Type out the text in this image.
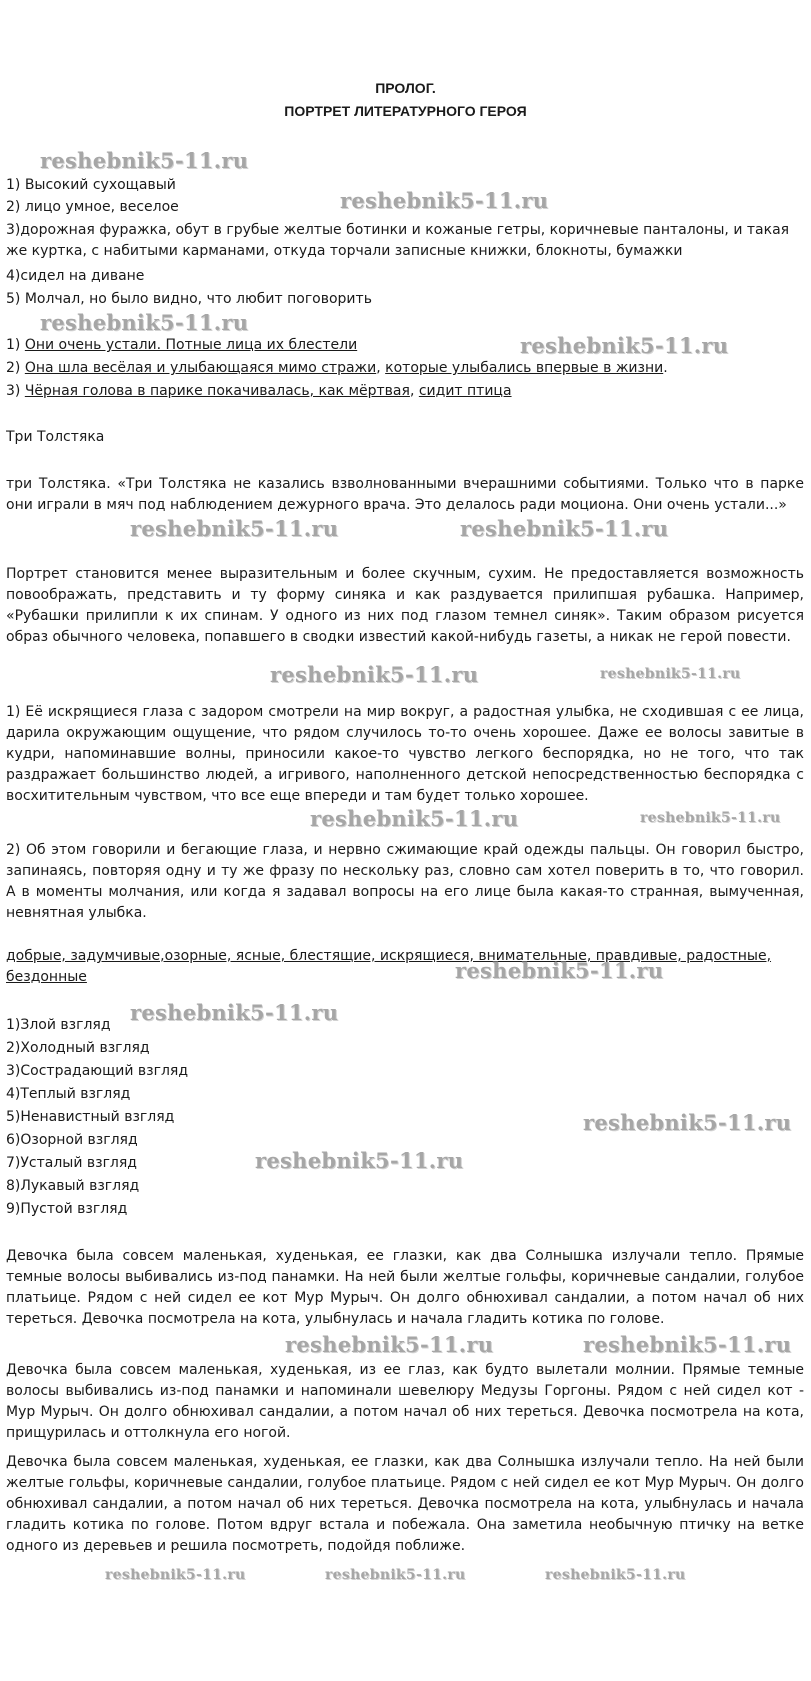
ПРОЛОГ.
ПОРТРЕТ ЛИТЕРАТУРНОГО ГЕРОЯ
1) Высокий сухощавый
2) лицо умное, веселое
3)дорожная фуражка, обут в грубые желтые ботинки и кожаные гетры, коричневые панталоны, и такая же куртка, с набитыми карманами, откуда торчали записные книжки, блокноты, бумажки
4)сидел на диване
5) Молчал, но было видно, что любит поговорить
1) Они очень устали. Потные лица их блестели
2) Она шла весёлая и улыбающаяся мимо стражи, которые улыбались впервые в жизни.
3) Чёрная голова в парике покачивалась, как мёртвая, сидит птица
Три Толстяка
три Толстяка. «Три Толстяка не казались взволнованными вчерашними событиями. Только что в парке они играли в мяч под наблюдением дежурного врача. Это делалось ради моциона. Они очень устали...»
Портрет становится менее выразительным и более скучным, сухим. Не предоставляется возможность повоображать, представить и ту форму синяка и как раздувается прилипшая рубашка. Например, «Рубашки прилипли к их спинам. У одного из них под глазом темнел синяк». Таким образом рисуется образ обычного человека, попавшего в сводки известий какой-нибудь газеты, а никак не герой повести.
1) Её искрящиеся глаза с задором смотрели на мир вокруг, а радостная улыбка, не сходившая с ее лица, дарила окружающим ощущение, что рядом случилось то-то очень хорошее. Даже ее волосы завитые в кудри, напоминавшие волны, приносили какое-то чувство легкого беспорядка, но не того, что так раздражает большинство людей, а игривого, наполненного детской непосредственностью беспорядка с восхитительным чувством, что все еще впереди и там будет только хорошее.
2) Об этом говорили и бегающие глаза, и нервно сжимающие край одежды пальцы. Он говорил быстро, запинаясь, повторяя одну и ту же фразу по нескольку раз, словно сам хотел поверить в то, что говорил. А в моменты молчания, или когда я задавал вопросы на его лице была какая-то странная, вымученная, невнятная улыбка.
добрые, задумчивые,озорные, ясные, блестящие, искрящиеся, внимательные, правдивые, радостные, бездонные
1)Злой взгляд
2)Холодный взгляд
3)Сострадающий взгляд
4)Теплый взгляд
5)Ненавистный взгляд
6)Озорной взгляд
7)Усталый взгляд
8)Лукавый взгляд
9)Пустой взгляд
Девочка была совсем маленькая, худенькая, ее глазки, как два Солнышка излучали тепло. Прямые темные волосы выбивались из-под панамки. На ней были желтые гольфы, коричневые сандалии, голубое платьице. Рядом с ней сидел ее кот Мур Мурыч. Он долго обнюхивал сандалии, а потом начал об них тереться. Девочка посмотрела на кота, улыбнулась и начала гладить котика по голове.
Девочка была совсем маленькая, худенькая, из ее глаз, как будто вылетали молнии. Прямые темные волосы выбивались из-под панамки и напоминали шевелюру Медузы Горгоны. Рядом с ней сидел кот - Мур Мурыч. Он долго обнюхивал сандалии, а потом начал об них тереться. Девочка посмотрела на кота, прищурилась и оттолкнула его ногой.
Девочка была совсем маленькая, худенькая, ее глазки, как два Солнышка излучали тепло. На ней были желтые гольфы, коричневые сандалии, голубое платьице. Рядом с ней сидел ее кот Мур Мурыч. Он долго обнюхивал сандалии, а потом начал об них тереться. Девочка посмотрела на кота, улыбнулась и начала гладить котика по голове. Потом вдруг встала и побежала. Она заметила необычную птичку на ветке одного из деревьев и решила посмотреть, подойдя поближе.
reshebnik5-11.ru
reshebnik5-11.ru
reshebnik5-11.ru
reshebnik5-11.ru
reshebnik5-11.ru	reshebnik5-11.ru
reshebnik5-11.ru	reshebnik5-11.ru
reshebnik5-11.ru	reshebnik5-11.ru
reshebnik5-11.ru
reshebnik5-11.ru
reshebnik5-11.ru
reshebnik5-11.ru
reshebnik5-11.ru	reshebnik5-11.ru
reshebnik5-11.ru	reshebnik5-11.ru	reshebnik5-11.ru
